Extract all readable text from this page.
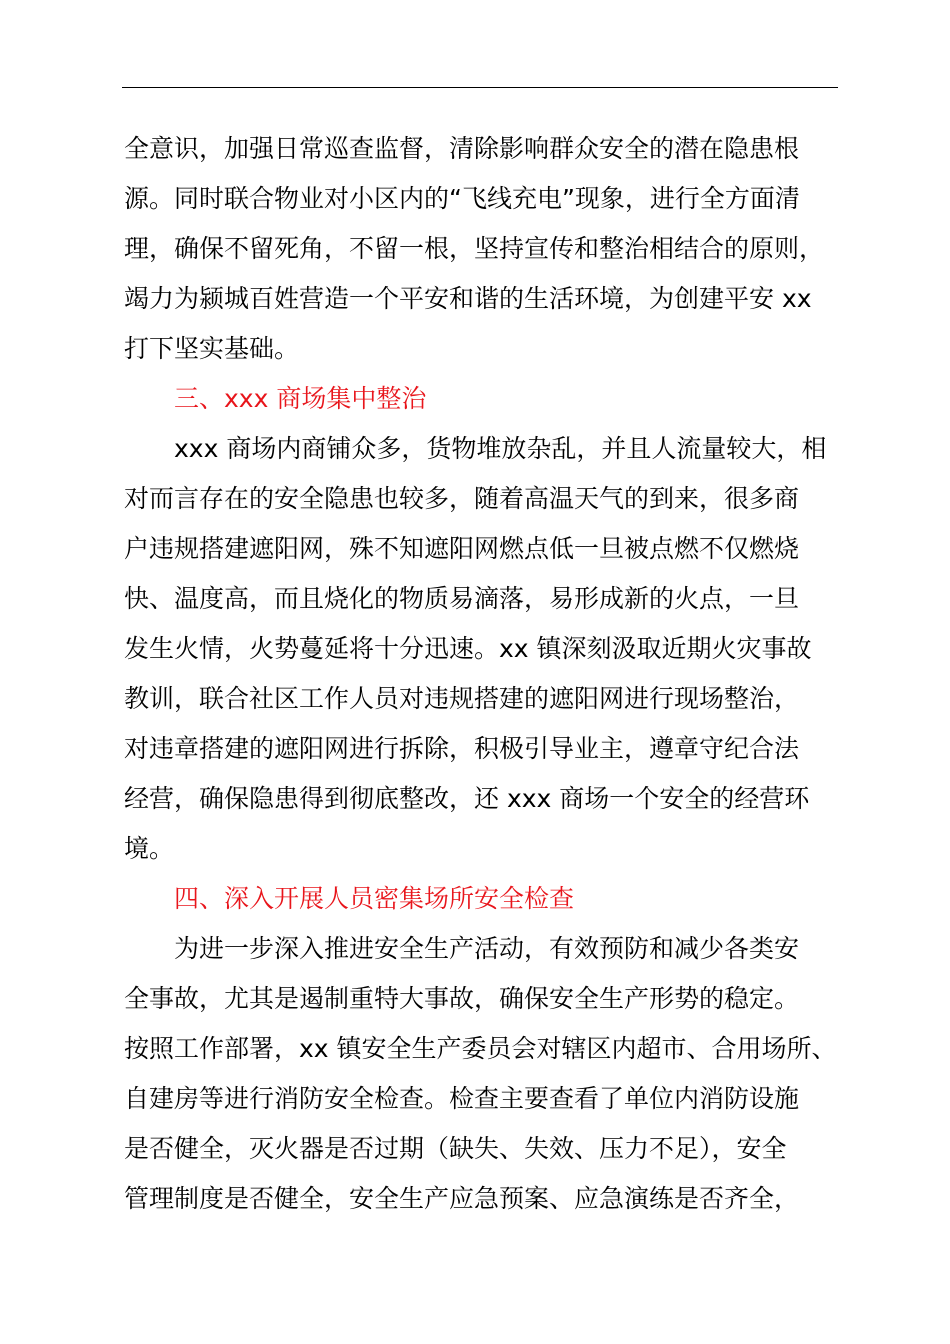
全意识，加强日常巡查监督，清除影响群众安全的潜在隐患根
源。同时联合物业对小区内的“飞线充电”现象，进行全方面清
理，确保不留死角，不留一根，坚持宣传和整治相结合的原则，
竭力为颍城百姓营造一个平安和谐的生活环境，为创建平安 xx
打下坚实基础。
三、xxx 商场集中整治
xxx 商场内商铺众多，货物堆放杂乱，并且人流量较大，相
对而言存在的安全隐患也较多，随着高温天气的到来，很多商
户违规搭建遮阳网，殊不知遮阳网燃点低一旦被点燃不仅燃烧
快、温度高，而且烧化的物质易滴落，易形成新的火点，一旦
发生火情，火势蔓延将十分迅速。xx 镇深刻汲取近期火灾事故
教训，联合社区工作人员对违规搭建的遮阳网进行现场整治，
对违章搭建的遮阳网进行拆除，积极引导业主，遵章守纪合法
经营，确保隐患得到彻底整改，还 xxx 商场一个安全的经营环
境。
四、深入开展人员密集场所安全检查
为进一步深入推进安全生产活动，有效预防和减少各类安
全事故，尤其是遏制重特大事故，确保安全生产形势的稳定。
按照工作部署，xx 镇安全生产委员会对辖区内超市、合用场所、
自建房等进行消防安全检查。检查主要查看了单位内消防设施
是否健全，灭火器是否过期（缺失、失效、压力不足），安全
管理制度是否健全，安全生产应急预案、应急演练是否齐全，
